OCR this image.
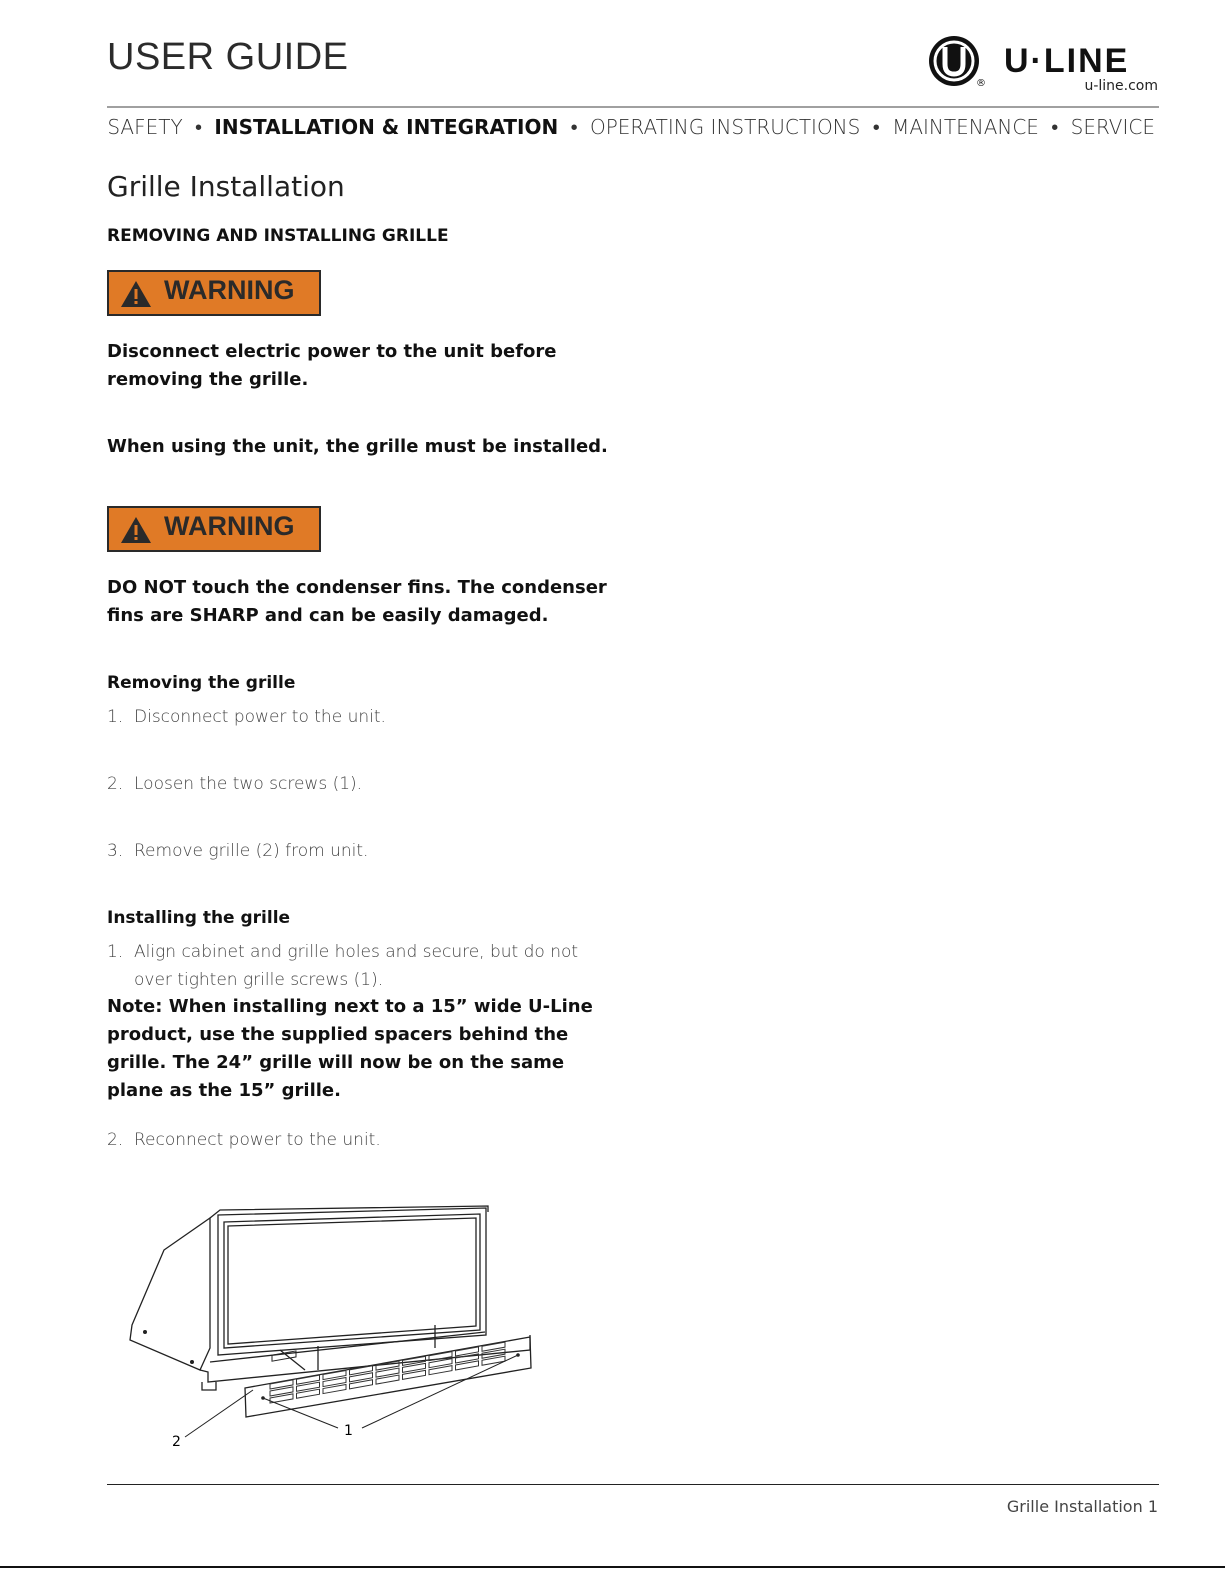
USER GUIDE
®
U·LINE
u-line.com
SAFETY • INSTALLATION & INTEGRATION • OPERATING INSTRUCTIONS • MAINTENANCE • SERVICE
Grille Installation
REMOVING AND INSTALLING GRILLE
WARNING
Disconnect electric power to the unit before
removing the grille.
When using the unit, the grille must be installed.
WARNING
DO NOT touch the condenser fins. The condenser
fins are SHARP and can be easily damaged.
Removing the grille
1. Disconnect power to the unit.
2. Loosen the two screws (1).
3. Remove grille (2) from unit.
Installing the grille
1. Align cabinet and grille holes and secure, but do not
over tighten grille screws (1).
Note: When installing next to a 15” wide U-Line
product, use the supplied spacers behind the
grille. The 24” grille will now be on the same
plane as the 15” grille.
2. Reconnect power to the unit.
2
1
Grille Installation 1
